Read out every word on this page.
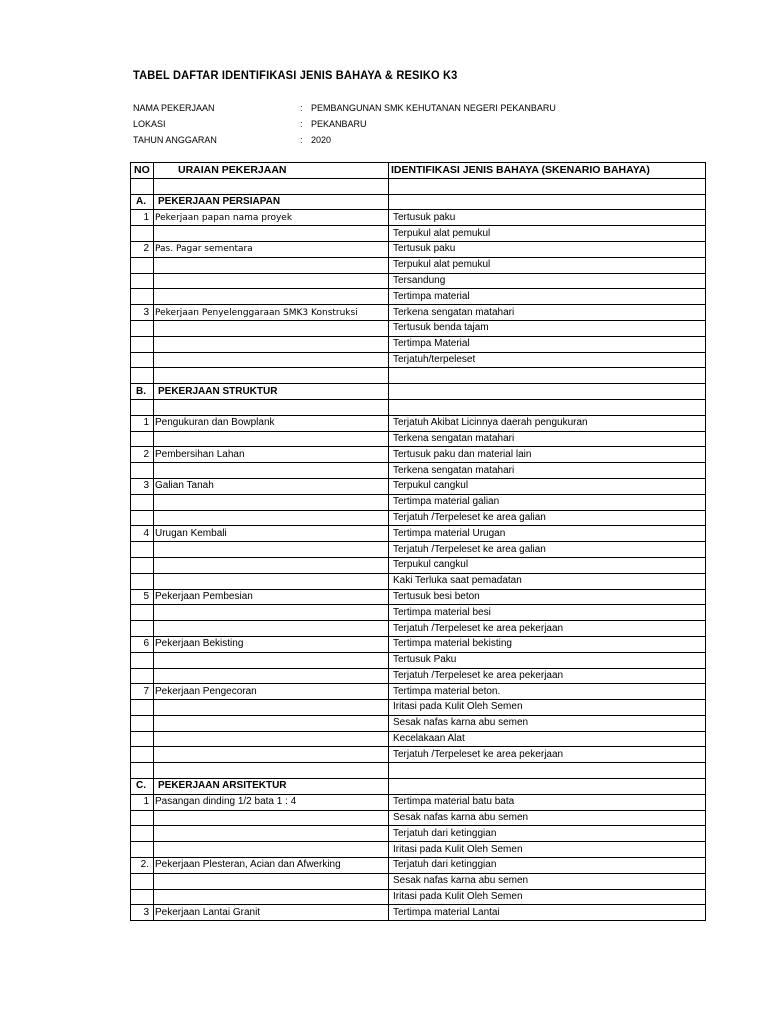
TABEL DAFTAR IDENTIFIKASI JENIS BAHAYA & RESIKO K3
NAMA PEKERJAAN	: PEMBANGUNAN SMK KEHUTANAN NEGERI PEKANBARU
LOKASI	: PEKANBARU
TAHUN ANGGARAN	: 2020
NO	URAIAN PEKERJAAN	IDENTIFIKASI JENIS BAHAYA (SKENARIO BAHAYA)

A.	PEKERJAAN PERSIAPAN	
1	Pekerjaan papan nama proyek	Tertusuk paku
		Terpukul alat pemukul
2	Pas. Pagar sementara	Tertusuk paku
		Terpukul alat pemukul
		Tersandung
		Tertimpa material
3	Pekerjaan Penyelenggaraan SMK3 Konstruksi	Terkena sengatan matahari
		Tertusuk benda tajam
		Tertimpa Material
		Terjatuh/terpeleset

B.	PEKERJAAN STRUKTUR	

1	Pengukuran dan Bowplank	Terjatuh Akibat Licinnya daerah pengukuran
		Terkena sengatan matahari
2	Pembersihan Lahan	Tertusuk paku dan material lain
		Terkena sengatan matahari
3	Galian Tanah	Terpukul cangkul
		Tertimpa material galian
		Terjatuh /Terpeleset ke area galian
4	Urugan Kembali	Tertimpa material Urugan
		Terjatuh /Terpeleset ke area galian
		Terpukul cangkul
		Kaki Terluka saat pemadatan
5	Pekerjaan Pembesian	Tertusuk besi beton
		Tertimpa material besi
		Terjatuh /Terpeleset ke area pekerjaan
6	Pekerjaan Bekisting	Tertimpa material bekisting
		Tertusuk Paku
		Terjatuh /Terpeleset ke area pekerjaan
7	Pekerjaan Pengecoran	Tertimpa material beton.
		Iritasi pada Kulit Oleh Semen
		Sesak nafas karna abu semen
		Kecelakaan Alat
		Terjatuh /Terpeleset ke area pekerjaan

C.	PEKERJAAN ARSITEKTUR	
1	Pasangan dinding 1/2 bata 1 : 4	Tertimpa material batu bata
		Sesak nafas karna abu semen
		Terjatuh dari ketinggian
		Iritasi pada Kulit Oleh Semen
2.	Pekerjaan Plesteran, Acian dan Afwerking	Terjatuh dari ketinggian
		Sesak nafas karna abu semen
		Iritasi pada Kulit Oleh Semen
3	Pekerjaan Lantai Granit	Tertimpa material Lantai
